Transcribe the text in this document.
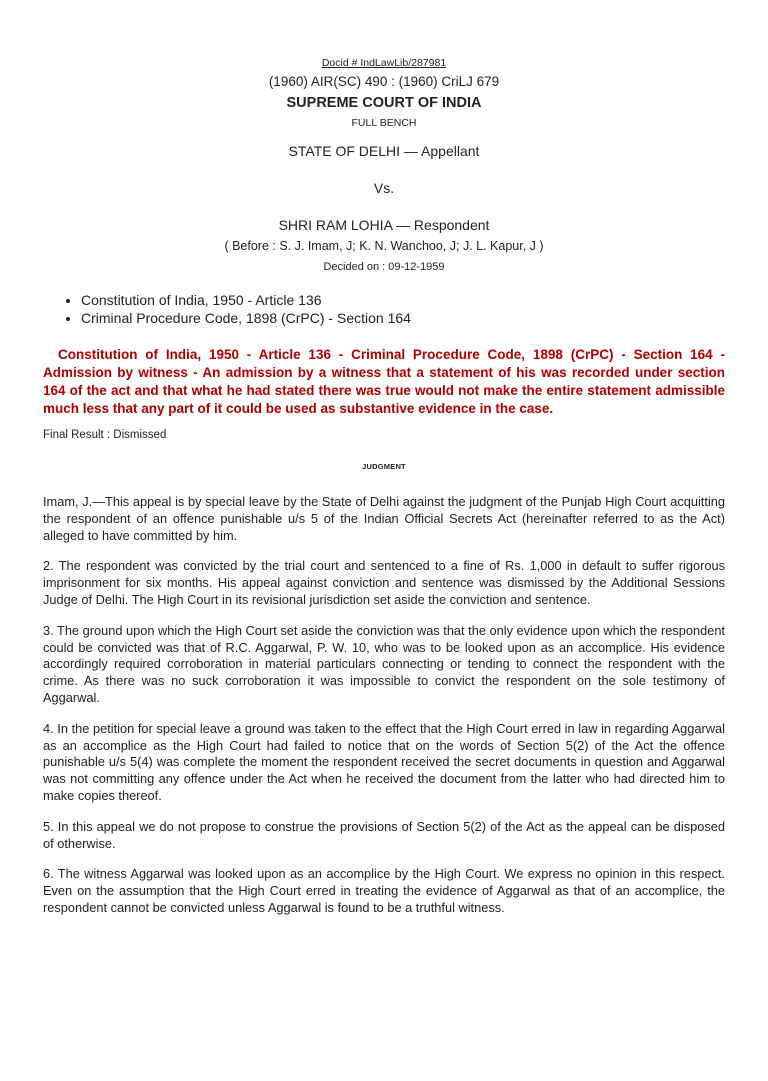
Docid # IndLawLib/287981
(1960) AIR(SC) 490 : (1960) CriLJ 679
SUPREME COURT OF INDIA
FULL BENCH
STATE OF DELHI — Appellant
Vs.
SHRI RAM LOHIA — Respondent
( Before : S. J. Imam, J; K. N. Wanchoo, J; J. L. Kapur, J )
Decided on : 09-12-1959
• Constitution of India, 1950 - Article 136
• Criminal Procedure Code, 1898 (CrPC) - Section 164
Constitution of India, 1950 - Article 136 - Criminal Procedure Code, 1898 (CrPC) - Section 164 - Admission by witness - An admission by a witness that a statement of his was recorded under section 164 of the act and that what he had stated there was true would not make the entire statement admissible much less that any part of it could be used as substantive evidence in the case.
Final Result : Dismissed
JUDGMENT

Imam, J.—This appeal is by special leave by the State of Delhi against the judgment of the Punjab High Court acquitting the respondent of an offence punishable u/s 5 of the Indian Official Secrets Act (hereinafter referred to as the Act) alleged to have committed by him.

2. The respondent was convicted by the trial court and sentenced to a fine of Rs. 1,000 in default to suffer rigorous imprisonment for six months. His appeal against conviction and sentence was dismissed by the Additional Sessions Judge of Delhi. The High Court in its revisional jurisdiction set aside the conviction and sentence.

3. The ground upon which the High Court set aside the conviction was that the only evidence upon which the respondent could be convicted was that of R.C. Aggarwal, P. W. 10, who was to be looked upon as an accomplice. His evidence accordingly required corroboration in material particulars connecting or tending to connect the respondent with the crime. As there was no suck corroboration it was impossible to convict the respondent on the sole testimony of Aggarwal.

4. In the petition for special leave a ground was taken to the effect that the High Court erred in law in regarding Aggarwal as an accomplice as the High Court had failed to notice that on the words of Section 5(2) of the Act the offence punishable u/s 5(4) was complete the moment the respondent received the secret documents in question and Aggarwal was not committing any offence under the Act when he received the document from the latter who had directed him to make copies thereof.

5. In this appeal we do not propose to construe the provisions of Section 5(2) of the Act as the appeal can be disposed of otherwise.

6. The witness Aggarwal was looked upon as an accomplice by the High Court. We express no opinion in this respect. Even on the assumption that the High Court erred in treating the evidence of Aggarwal as that of an accomplice, the respondent cannot be convicted unless Aggarwal is found to be a truthful witness.
